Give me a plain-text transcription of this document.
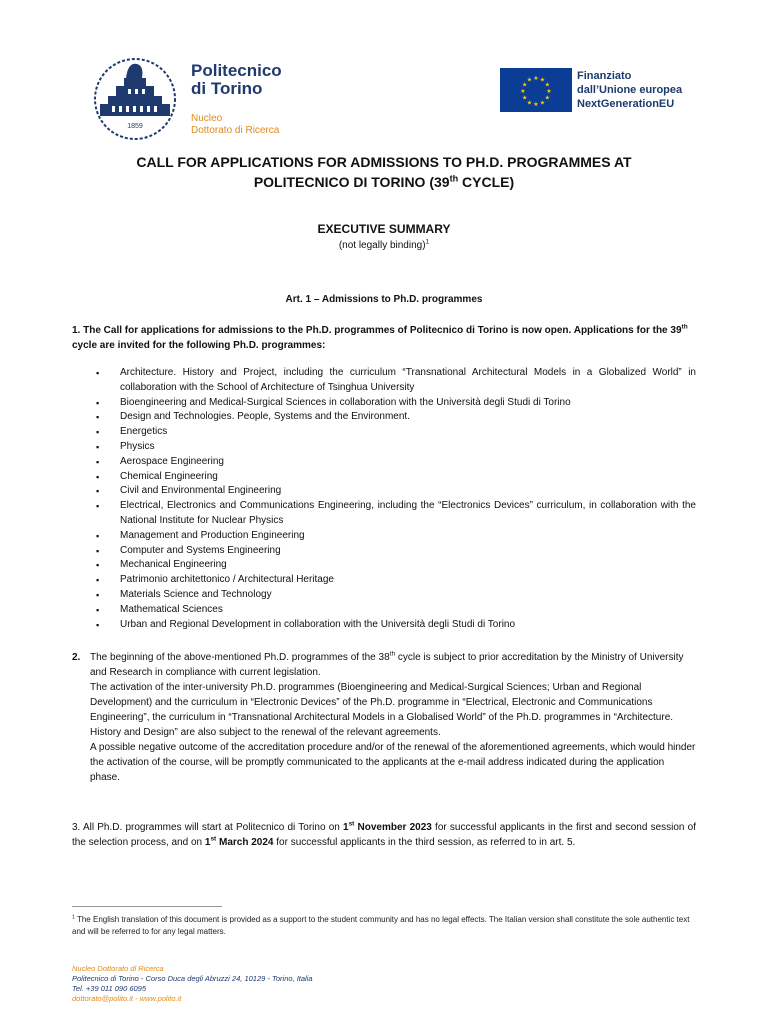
1859
Politecnico
di Torino
Nucleo
Dottorato di Ricerca
★
★
★
★
★
★
★
★
★ ★ ★
★
Finanziato
dall’Unione europea
NextGenerationEU
CALL FOR APPLICATIONS FOR ADMISSIONS TO PH.D. PROGRAMMES AT
POLITECNICO DI TORINO (39th CYCLE)
EXECUTIVE SUMMARY
(not legally binding)$^1$
Art. 1 – Admissions to Ph.D. programmes
1. The Call for applications for admissions to the Ph.D. programmes of Politecnico di Torino is now open. Applications for the 39th cycle are invited for the following Ph.D. programmes:
▪ Architecture. History and Project, including the curriculum “Transnational Architectural Models in a Globalized World” in collaboration with the School of Architecture of Tsinghua University
▪ Bioengineering and Medical-Surgical Sciences in collaboration with the Università degli Studi di Torino
▪ Design and Technologies. People, Systems and the Environment.
▪ Energetics
▪ Physics
▪ Aerospace Engineering
▪ Chemical Engineering
▪ Civil and Environmental Engineering
▪ Electrical, Electronics and Communications Engineering, including the “Electronics Devices” curriculum, in collaboration with the National Institute for Nuclear Physics
▪ Management and Production Engineering
▪ Computer and Systems Engineering
▪ Mechanical Engineering
▪ Patrimonio architettonico / Architectural Heritage
▪ Materials Science and Technology
▪ Mathematical Sciences
▪ Urban and Regional Development in collaboration with the Università degli Studi di Torino
2. The beginning of the above-mentioned Ph.D. programmes of the 38th cycle is subject to prior accreditation by the Ministry of University and Research in compliance with current legislation.
The activation of the inter-university Ph.D. programmes (Bioengineering and Medical-Surgical Sciences; Urban and Regional Development) and the curriculum in “Electronic Devices” of the Ph.D. programme in “Electrical, Electronic and Communications Engineering”, the curriculum in “Transnational Architectural Models in a Globalised World” of the Ph.D. programmes in “Architecture. History and Design” are also subject to the renewal of the relevant agreements.
A possible negative outcome of the accreditation procedure and/or of the renewal of the aforementioned agreements, which would hinder the activation of the course, will be promptly communicated to the applicants at the e-mail address indicated during the application phase.
3. All Ph.D. programmes will start at Politecnico di Torino on 1st November 2023 for successful applicants in the first and second session of the selection process, and on 1st March 2024 for successful applicants in the third session, as referred to in art. 5.
$^1$ The English translation of this document is provided as a support to the student community and has no legal effects. The Italian version shall constitute the sole authentic text and will be referred to for any legal matters.
Nucleo Dottorato di Ricerca
Politecnico di Torino - Corso Duca degli Abruzzi 24, 10129 - Torino, Italia
Tel. +39 011 090 6095
dottorato@polito.it - www.polito.it
